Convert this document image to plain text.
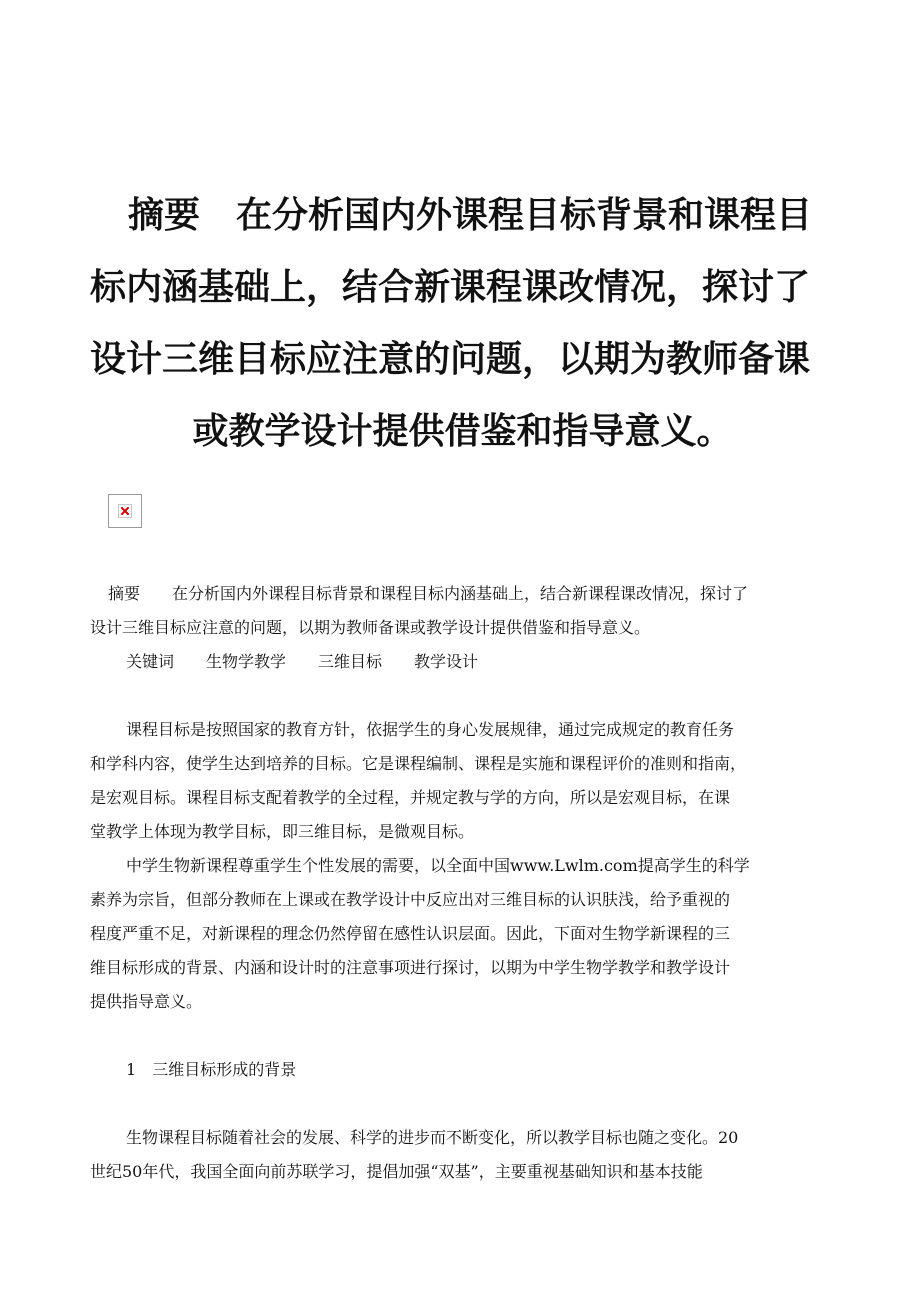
摘要 在分析国内外课程目标背景和课程目
标内涵基础上，结合新课程课改情况，探讨了
设计三维目标应注意的问题，以期为教师备课
或教学设计提供借鉴和指导意义。
摘要 在分析国内外课程目标背景和课程目标内涵基础上，结合新课程课改情况，探讨了
设计三维目标应注意的问题，以期为教师备课或教学设计提供借鉴和指导意义。
关键词 生物学教学 三维目标 教学设计
课程目标是按照国家的教育方针，依据学生的身心发展规律，通过完成规定的教育任务
和学科内容，使学生达到培养的目标。它是课程编制、课程是实施和课程评价的准则和指南，
是宏观目标。课程目标支配着教学的全过程，并规定教与学的方向，所以是宏观目标，在课
堂教学上体现为教学目标，即三维目标，是微观目标。
中学生物新课程尊重学生个性发展的需要，以全面中国www.Lwlm.com提高学生的科学
素养为宗旨，但部分教师在上课或在教学设计中反应出对三维目标的认识肤浅，给予重视的
程度严重不足，对新课程的理念仍然停留在感性认识层面。因此，下面对生物学新课程的三
维目标形成的背景、内涵和设计时的注意事项进行探讨，以期为中学生物学教学和教学设计
提供指导意义。
1 三维目标形成的背景
生物课程目标随着社会的发展、科学的进步而不断变化，所以教学目标也随之变化。20
世纪50年代，我国全面向前苏联学习，提倡加强“双基”，主要重视基础知识和基本技能
